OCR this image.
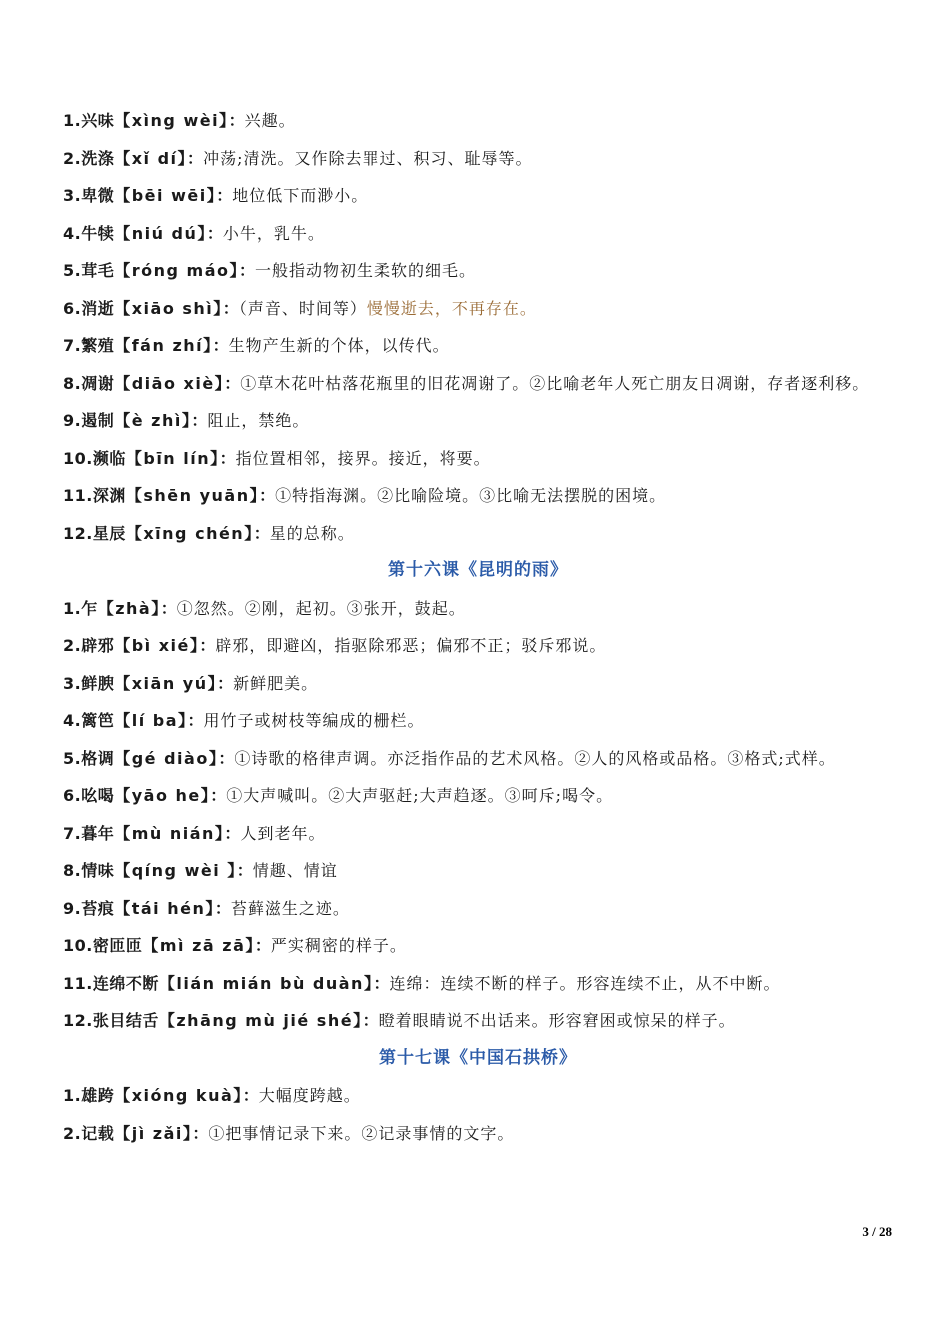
1.兴味【xìng wèi】：兴趣。
2.洗涤【xǐ dí】：冲荡;清洗。又作除去罪过、积习、耻辱等。
3.卑微【bēi wēi】：地位低下而渺小。
4.牛犊【niú dú】：小牛，乳牛。
5.茸毛【róng máo】：一般指动物初生柔软的细毛。
6.消逝【xiāo shì】：（声音、时间等）慢慢逝去，不再存在。
7.繁殖【fán zhí】：生物产生新的个体，以传代。
8.凋谢【diāo xiè】：①草木花叶枯落花瓶里的旧花凋谢了。②比喻老年人死亡朋友日凋谢，存者逐利移。
9.遏制【è zhì】：阻止，禁绝。
10.濒临【bīn lín】：指位置相邻，接界。接近，将要。
11.深渊【shēn yuān】：①特指海渊。②比喻险境。③比喻无法摆脱的困境。
12.星辰【xīng chén】：星的总称。
第十六课《昆明的雨》
1.乍【zhà】：①忽然。②刚，起初。③张开，鼓起。
2.辟邪【bì xié】：辟邪，即避凶，指驱除邪恶；偏邪不正；驳斥邪说。
3.鲜腴【xiān yú】：新鲜肥美。
4.篱笆【lí ba】：用竹子或树枝等编成的栅栏。
5.格调【gé diào】：①诗歌的格律声调。亦泛指作品的艺术风格。②人的风格或品格。③格式;式样。
6.吆喝【yāo he】：①大声喊叫。②大声驱赶;大声趋逐。③呵斥;喝令。
7.暮年【mù nián】：人到老年。
8.情味【qíng wèi 】：情趣、情谊
9.苔痕【tái hén】：苔藓滋生之迹。
10.密匝匝【mì zā zā】：严实稠密的样子。
11.连绵不断【lián mián bù duàn】：连绵：连续不断的样子。形容连续不止，从不中断。
12.张目结舌【zhāng mù jié shé】：瞪着眼睛说不出话来。形容窘困或惊呆的样子。
第十七课《中国石拱桥》
1.雄跨【xióng kuà】：大幅度跨越。
2.记载【jì zǎi】：①把事情记录下来。②记录事情的文字。
3 / 28
